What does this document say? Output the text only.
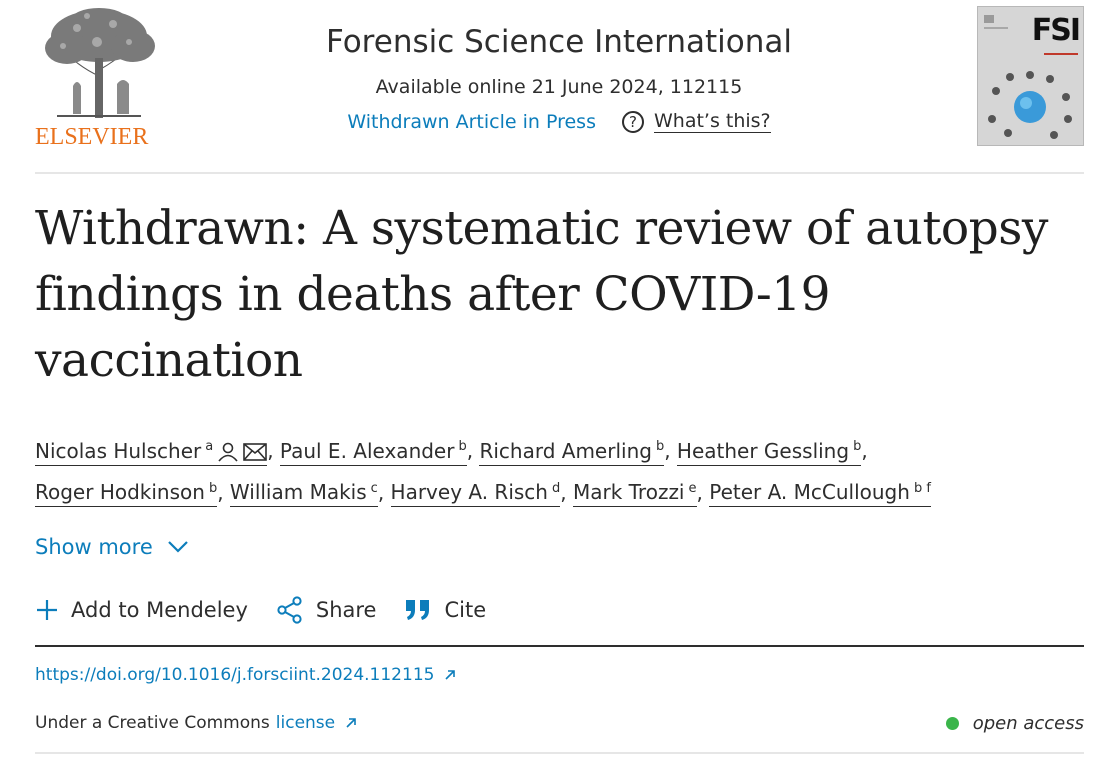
ELSEVIER
Forensic Science International
Available online 21 June 2024, 112115
Withdrawn Article in Press	? What’s this?
FSI
Withdrawn: A systematic review of autopsy findings in deaths after COVID-19 vaccination
Nicolas Hulscher $^a$	, Paul E. Alexander $^b$, Richard Amerling $^b$, Heather Gessling $^b$,
Roger Hodkinson $^b$, William Makis $^c$, Harvey A. Risch $^d$, Mark Trozzi $^e$, Peter A. McCullough $^{b f}$
Show more
Add to Mendeley	Share	Cite
https://doi.org/10.1016/j.forsciint.2024.112115
Under a Creative Commons license	open access
